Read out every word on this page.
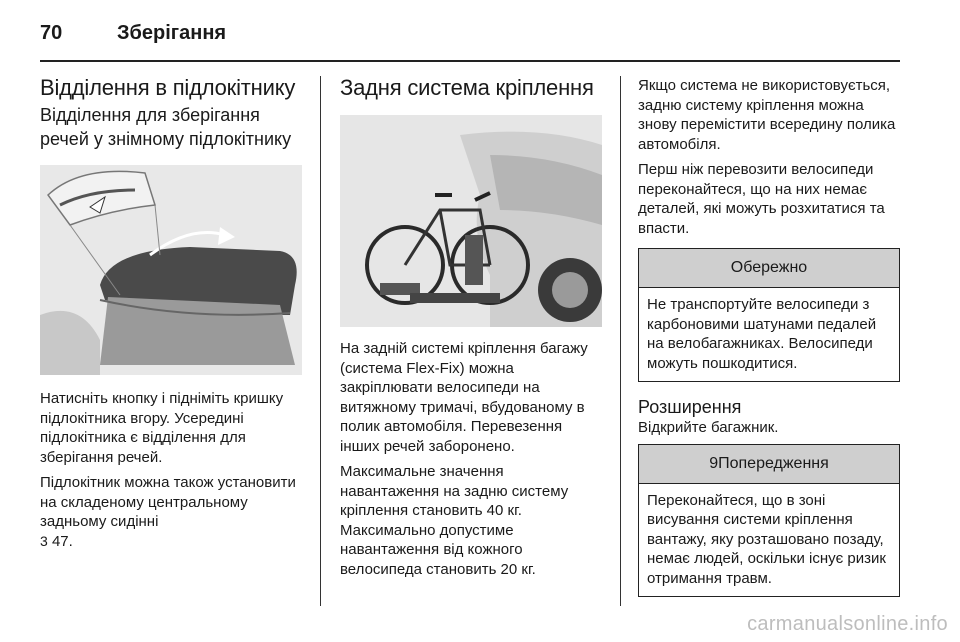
70	Зберігання
Відділення в підлокітнику
Відділення для зберігання речей у знімному підлокітнику

Натисніть кнопку і підніміть кришку підлокітника вгору. Усередині підлокітника є відділення для зберігання речей.

Підлокітник можна також установити на складеному центральному задньому сидінні

3 47.

Задня система кріплення

На задній системі кріплення багажу (система Flex-Fix) можна закріплювати велосипеди на витяжному тримачі, вбудованому в полик автомобіля. Перевезення інших речей заборонено.

Максимальне значення навантаження на задню систему кріплення становить 40 кг. Максимально допустиме навантаження від кожного велосипеда становить 20 кг.

Якщо система не використовується, задню систему кріплення можна знову перемістити всередину полика автомобіля.

Перш ніж перевозити велосипеди переконайтеся, що на них немає деталей, які можуть розхитатися та впасти.

Обережно

Не транспортуйте велосипеди з карбоновими шатунами педалей на велобагажниках. Велосипеди можуть пошкодитися.

Розширення

Відкрийте багажник.

9Попередження

Переконайтеся, що в зоні висування системи кріплення вантажу, яку розташовано позаду, немає людей, оскільки існує ризик отримання травм.

carmanualsonline.info
